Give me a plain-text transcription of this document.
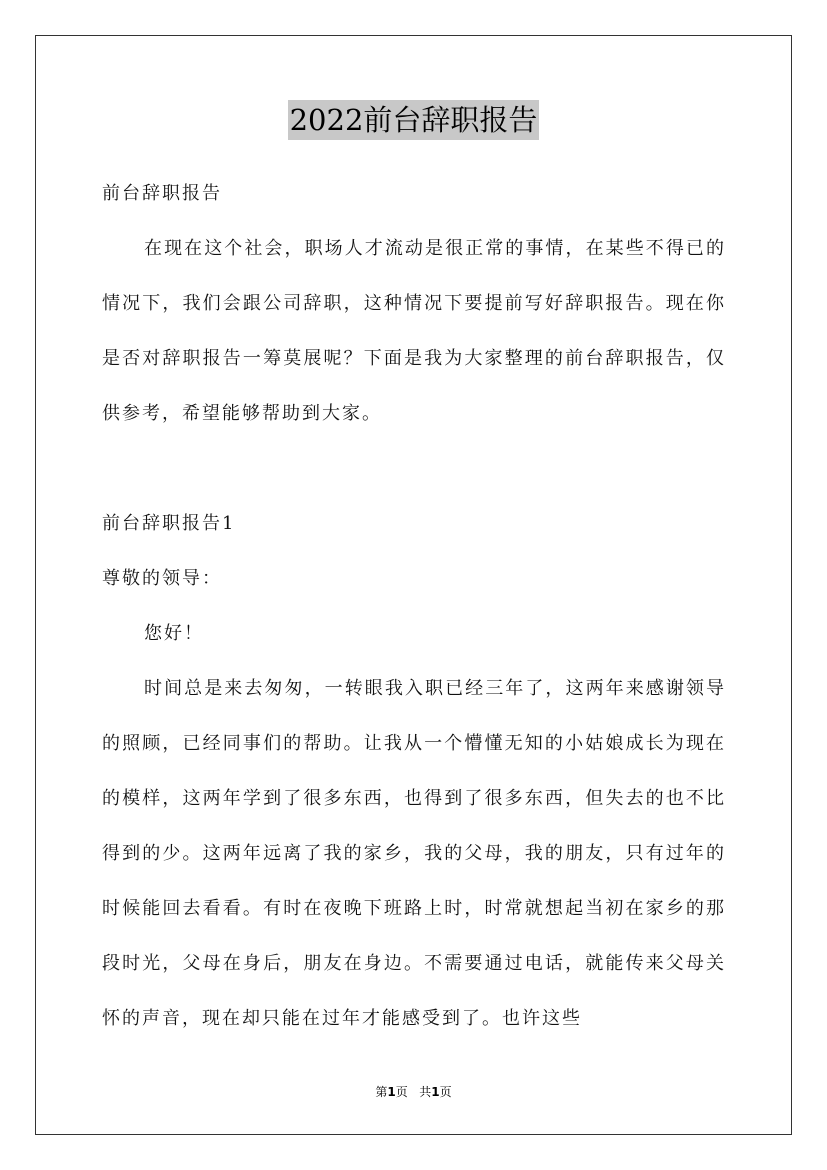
2022前台辞职报告

前台辞职报告

在现在这个社会，职场人才流动是很正常的事情，在某些不得已的情况下，我们会跟公司辞职，这种情况下要提前写好辞职报告。现在你是否对辞职报告一筹莫展呢？下面是我为大家整理的前台辞职报告，仅供参考，希望能够帮助到大家。

前台辞职报告1

尊敬的领导：

您好！

时间总是来去匆匆，一转眼我入职已经三年了，这两年来感谢领导的照顾，已经同事们的帮助。让我从一个懵懂无知的小姑娘成长为现在的模样，这两年学到了很多东西，也得到了很多东西，但失去的也不比得到的少。这两年远离了我的家乡，我的父母，我的朋友，只有过年的时候能回去看看。有时在夜晚下班路上时，时常就想起当初在家乡的那段时光，父母在身后，朋友在身边。不需要通过电话，就能传来父母关怀的声音，现在却只能在过年才能感受到了。也许这些

第1页 共1页
